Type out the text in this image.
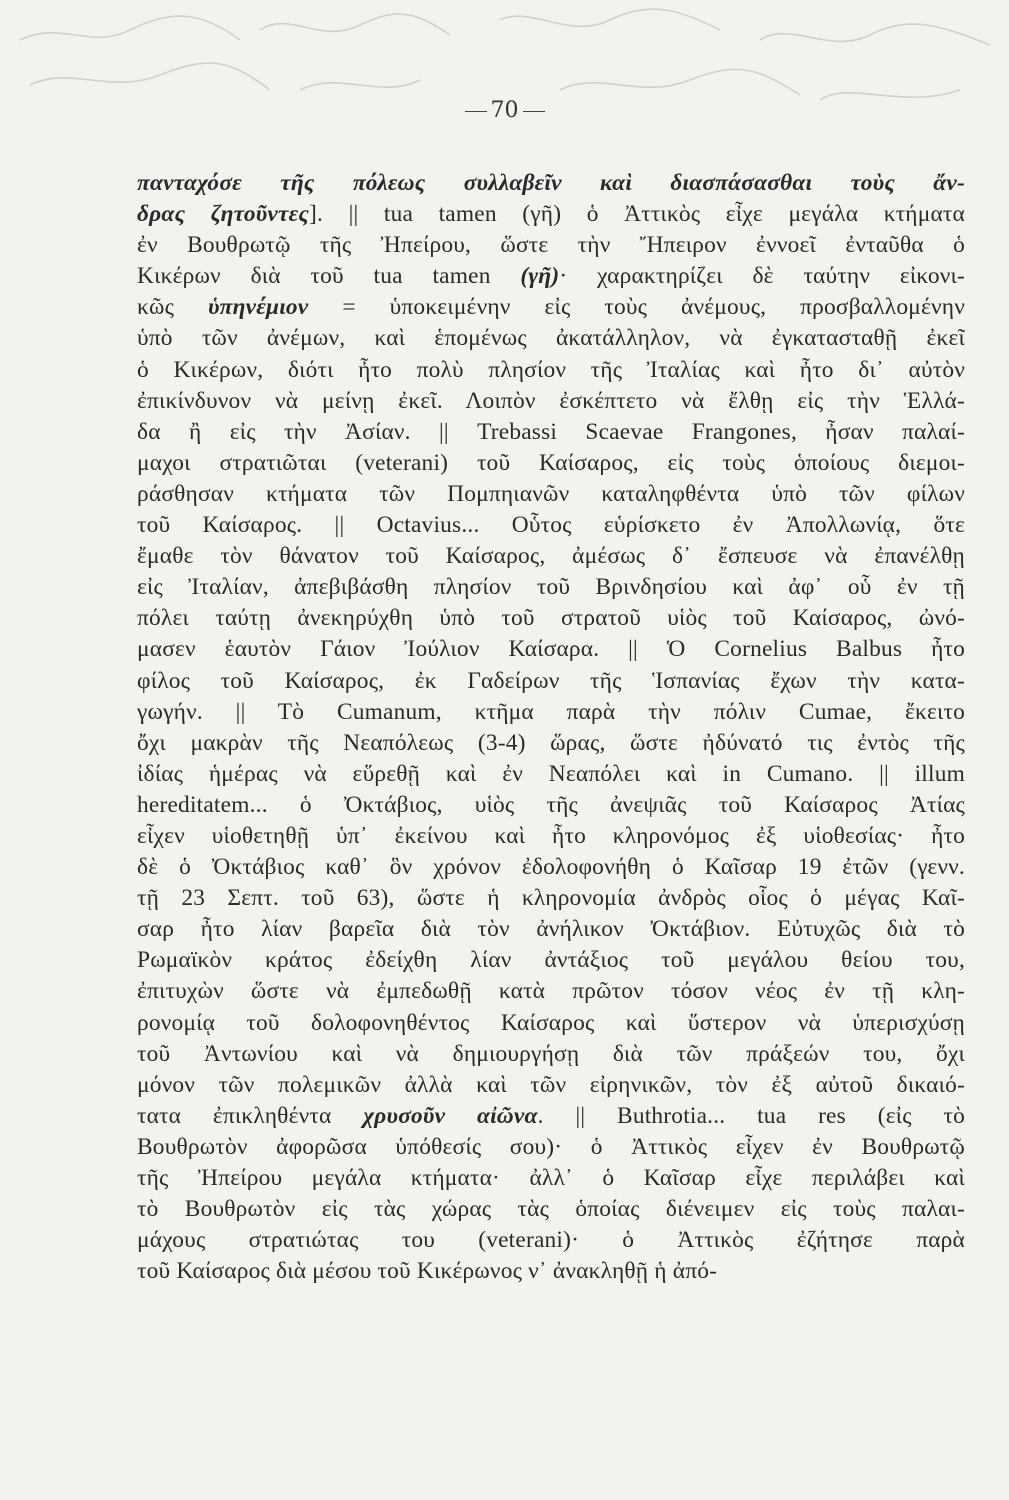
70
πανταχόσε τῆς πόλεως συλλαβεῖν καὶ διασπάσασθαι τοὺς ἄν-
δρας ζητοῦντες]. || tua tamen (γῆ) ὁ Ἀττικὸς εἶχε μεγάλα κτήματα
ἐν Βουθρωτῷ τῆς Ἠπείρου, ὥστε τὴν Ἤπειρον ἐννοεῖ ἐνταῦθα ὁ
Κικέρων διὰ τοῦ tua tamen (γῆ)· χαρακτηρίζει δὲ ταύτην εἰκονι-
κῶς ὑπηνέμιον = ὑποκειμένην εἰς τοὺς ἀνέμους, προσβαλλομένην
ὑπὸ τῶν ἀνέμων, καὶ ἑπομένως ἀκατάλληλον, νὰ ἐγκατασταθῇ ἐκεῖ
ὁ Κικέρων, διότι ἦτο πολὺ πλησίον τῆς Ἰταλίας καὶ ἦτο δι᾽ αὐτὸν
ἐπικίνδυνον νὰ μείνῃ ἐκεῖ. Λοιπὸν ἐσκέπτετο νὰ ἔλθῃ εἰς τὴν Ἑλλά-
δα ἢ εἰς τὴν Ἀσίαν. || Trebassi Scaevae Frangones, ἦσαν παλαί-
μαχοι στρατιῶται (veterani) τοῦ Καίσαρος, εἰς τοὺς ὁποίους διεμοι-
ράσθησαν κτήματα τῶν Πομπηιανῶν καταληφθέντα ὑπὸ τῶν φίλων
τοῦ Καίσαρος. || Octavius... Οὗτος εὑρίσκετο ἐν Ἀπολλωνίᾳ, ὅτε
ἔμαθε τὸν θάνατον τοῦ Καίσαρος, ἀμέσως δ᾽ ἔσπευσε νὰ ἐπανέλθῃ
εἰς Ἰταλίαν, ἀπεβιβάσθη πλησίον τοῦ Βρινδησίου καὶ ἀφ᾽ οὗ ἐν τῇ
πόλει ταύτῃ ἀνεκηρύχθη ὑπὸ τοῦ στρατοῦ υἱὸς τοῦ Καίσαρος, ὠνό-
μασεν ἑαυτὸν Γάιον Ἰούλιον Καίσαρα. || Ὁ Cornelius Balbus ἦτο
φίλος τοῦ Καίσαρος, ἐκ Γαδείρων τῆς Ἱσπανίας ἔχων τὴν κατα-
γωγήν. || Τὸ Cumanum, κτῆμα παρὰ τὴν πόλιν Cumae, ἔκειτο
ὄχι μακρὰν τῆς Νεαπόλεως (3-4) ὥρας, ὥστε ἠδύνατό τις ἐντὸς τῆς
ἰδίας ἡμέρας νὰ εὕρεθῇ καὶ ἐν Νεαπόλει καὶ in Cumano. || illum
hereditatem... ὁ Ὀκτάβιος, υἱὸς τῆς ἀνεψιᾶς τοῦ Καίσαρος Ἀτίας
εἶχεν υἱοθετηθῇ ὑπ᾽ ἐκείνου καὶ ἦτο κληρονόμος ἐξ υἱοθεσίας· ἦτο
δὲ ὁ Ὀκτάβιος καθ᾽ ὃν χρόνον ἐδολοφονήθη ὁ Καῖσαρ 19 ἐτῶν (γενν.
τῇ 23 Σεπτ. τοῦ 63), ὥστε ἡ κληρονομία ἀνδρὸς οἷος ὁ μέγας Καῖ-
σαρ ἦτο λίαν βαρεῖα διὰ τὸν ἀνήλικον Ὀκτάβιον. Εὐτυχῶς διὰ τὸ
Ρωμαϊκὸν κράτος ἐδείχθη λίαν ἀντάξιος τοῦ μεγάλου θείου του,
ἐπιτυχὼν ὥστε νὰ ἐμπεδωθῇ κατὰ πρῶτον τόσον νέος ἐν τῇ κλη-
ρονομίᾳ τοῦ δολοφονηθέντος Καίσαρος καὶ ὕστερον νὰ ὑπερισχύσῃ
τοῦ Ἀντωνίου καὶ νὰ δημιουργήσῃ διὰ τῶν πράξεών του, ὄχι
μόνον τῶν πολεμικῶν ἀλλὰ καὶ τῶν εἰρηνικῶν, τὸν ἐξ αὐτοῦ δικαιό-
τατα ἐπικληθέντα χρυσοῦν αἰῶνα. || Buthrotia... tua res (εἰς τὸ
Βουθρωτὸν ἀφορῶσα ὑπόθεσίς σου)· ὁ Ἀττικὸς εἶχεν ἐν Βουθρωτῷ
τῆς Ἠπείρου μεγάλα κτήματα· ἀλλ᾽ ὁ Καῖσαρ εἶχε περιλάβει καὶ
τὸ Βουθρωτὸν εἰς τὰς χώρας τὰς ὁποίας διένειμεν εἰς τοὺς παλαι-
μάχους στρατιώτας του (veterani)· ὁ Ἀττικὸς ἐζήτησε παρὰ
τοῦ Καίσαρος διὰ μέσου τοῦ Κικέρωνος ν᾽ ἀνακληθῇ ἡ ἀπό-
